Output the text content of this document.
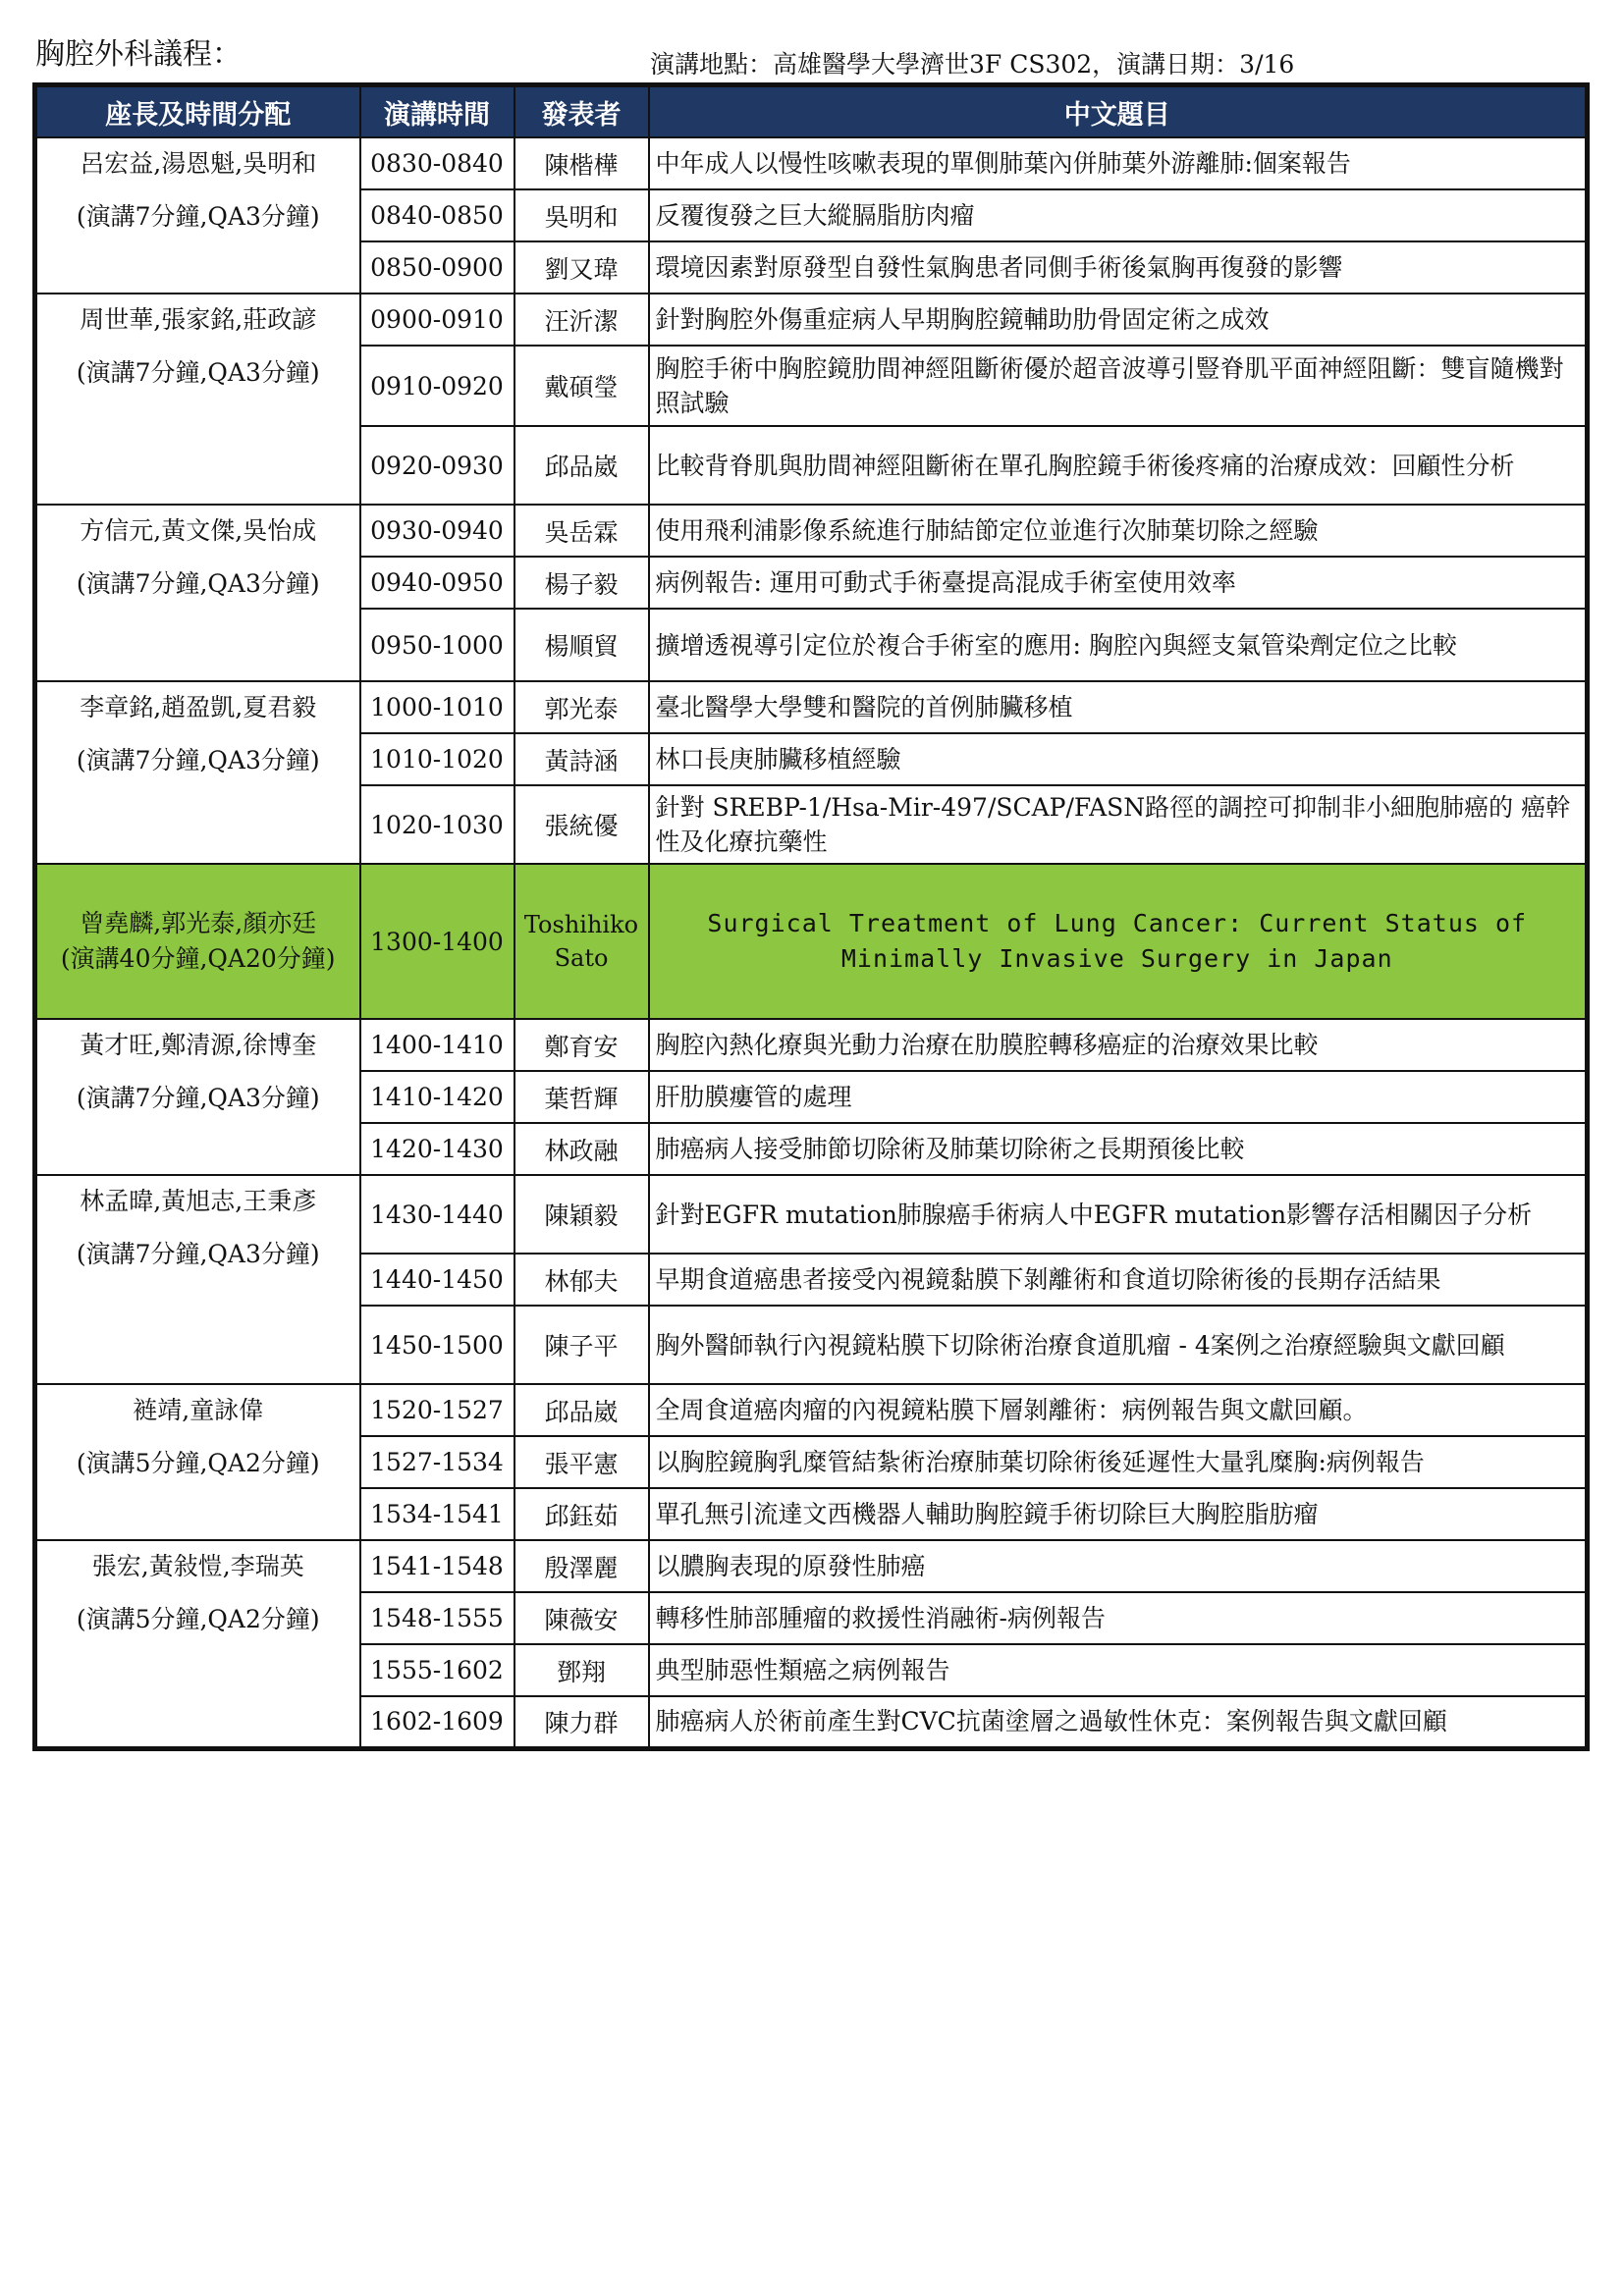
胸腔外科議程：	演講地點：高雄醫學大學濟世3F CS302，演講日期：3/16
座長及時間分配	演講時間	發表者	中文題目

呂宏益,湯恩魁,吳明和
(演講7分鐘,QA3分鐘)	0830-0840	陳楷樺	中年成人以慢性咳嗽表現的單側肺葉內併肺葉外游離肺:個案報告
	0840-0850	吳明和	反覆復發之巨大縱膈脂肪肉瘤
	0850-0900	劉又瑋	環境因素對原發型自發性氣胸患者同側手術後氣胸再復發的影響

周世華,張家銘,莊政諺
(演講7分鐘,QA3分鐘)	0900-0910	汪沂潔	針對胸腔外傷重症病人早期胸腔鏡輔助肋骨固定術之成效
	0910-0920	戴碩瑩	胸腔手術中胸腔鏡肋間神經阻斷術優於超音波導引豎脊肌平面神經阻斷：雙盲隨機對照試驗
	0920-0930	邱品崴	比較背脊肌與肋間神經阻斷術在單孔胸腔鏡手術後疼痛的治療成效：回顧性分析

方信元,黃文傑,吳怡成
(演講7分鐘,QA3分鐘)	0930-0940	吳岳霖	使用飛利浦影像系統進行肺結節定位並進行次肺葉切除之經驗
	0940-0950	楊子毅	病例報告: 運用可動式手術臺提高混成手術室使用效率
	0950-1000	楊順貿	擴增透視導引定位於複合手術室的應用: 胸腔內與經支氣管染劑定位之比較

李章銘,趙盈凱,夏君毅
(演講7分鐘,QA3分鐘)	1000-1010	郭光泰	臺北醫學大學雙和醫院的首例肺臟移植
	1010-1020	黃詩涵	林口長庚肺臟移植經驗
	1020-1030	張統優	針對 SREBP-1/Hsa-Mir-497/SCAP/FASN路徑的調控可抑制非小細胞肺癌的 癌幹性及化療抗藥性

曾堯麟,郭光泰,顏亦廷
(演講40分鐘,QA20分鐘)	1300-1400	Toshihiko Sato	Surgical Treatment of Lung Cancer: Current Status of Minimally Invasive Surgery in Japan

黃才旺,鄭清源,徐博奎
(演講7分鐘,QA3分鐘)	1400-1410	鄭育安	胸腔內熱化療與光動力治療在肋膜腔轉移癌症的治療效果比較
	1410-1420	葉哲輝	肝肋膜瘻管的處理
	1420-1430	林政融	肺癌病人接受肺節切除術及肺葉切除術之長期預後比較

林孟暐,黃旭志,王秉彥
(演講7分鐘,QA3分鐘)	1430-1440	陳穎毅	針對EGFR mutation肺腺癌手術病人中EGFR mutation影響存活相關因子分析
	1440-1450	林郁夫	早期食道癌患者接受內視鏡黏膜下剝離術和食道切除術後的長期存活結果
	1450-1500	陳子平	胸外醫師執行內視鏡粘膜下切除術治療食道肌瘤 - 4案例之治療經驗與文獻回顧

裢靖,童詠偉
(演講5分鐘,QA2分鐘)	1520-1527	邱品崴	全周食道癌肉瘤的內視鏡粘膜下層剝離術：病例報告與文獻回顧。
	1527-1534	張平憲	以胸腔鏡胸乳糜管結紮術治療肺葉切除術後延遲性大量乳糜胸:病例報告
	1534-1541	邱鈺茹	單孔無引流達文西機器人輔助胸腔鏡手術切除巨大胸腔脂肪瘤

張宏,黃敍愷,李瑞英
(演講5分鐘,QA2分鐘)	1541-1548	殷澤麗	以膿胸表現的原發性肺癌
	1548-1555	陳薇安	轉移性肺部腫瘤的救援性消融術-病例報告
	1555-1602	鄧翔	典型肺惡性類癌之病例報告
	1602-1609	陳力群	肺癌病人於術前產生對CVC抗菌塗層之過敏性休克：案例報告與文獻回顧
